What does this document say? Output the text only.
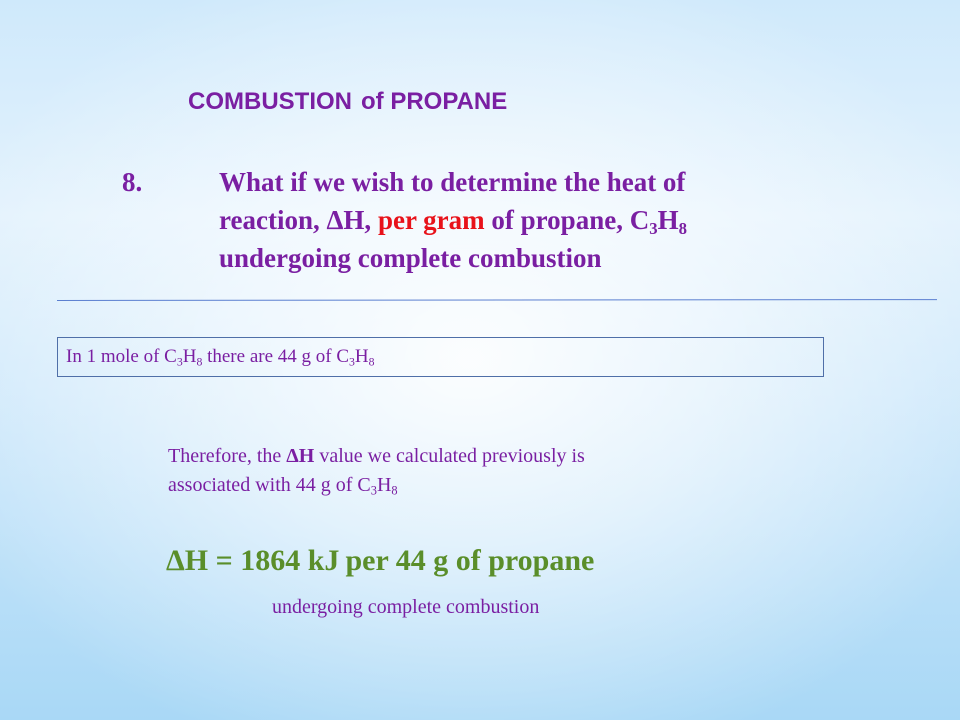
COMBUSTION of PROPANE
8.	What if we wish to determine the heat of
reaction, ΔH, per gram of propane, $C_3H_8$
undergoing complete combustion
In 1 mole of $C_3H_8$ there are 44 g of $C_3H_8$
Therefore, the ΔH value we calculated previously is
associated with 44 g of $C_3H_8$
ΔH = 1864 kJ per 44 g of propane
undergoing complete combustion
